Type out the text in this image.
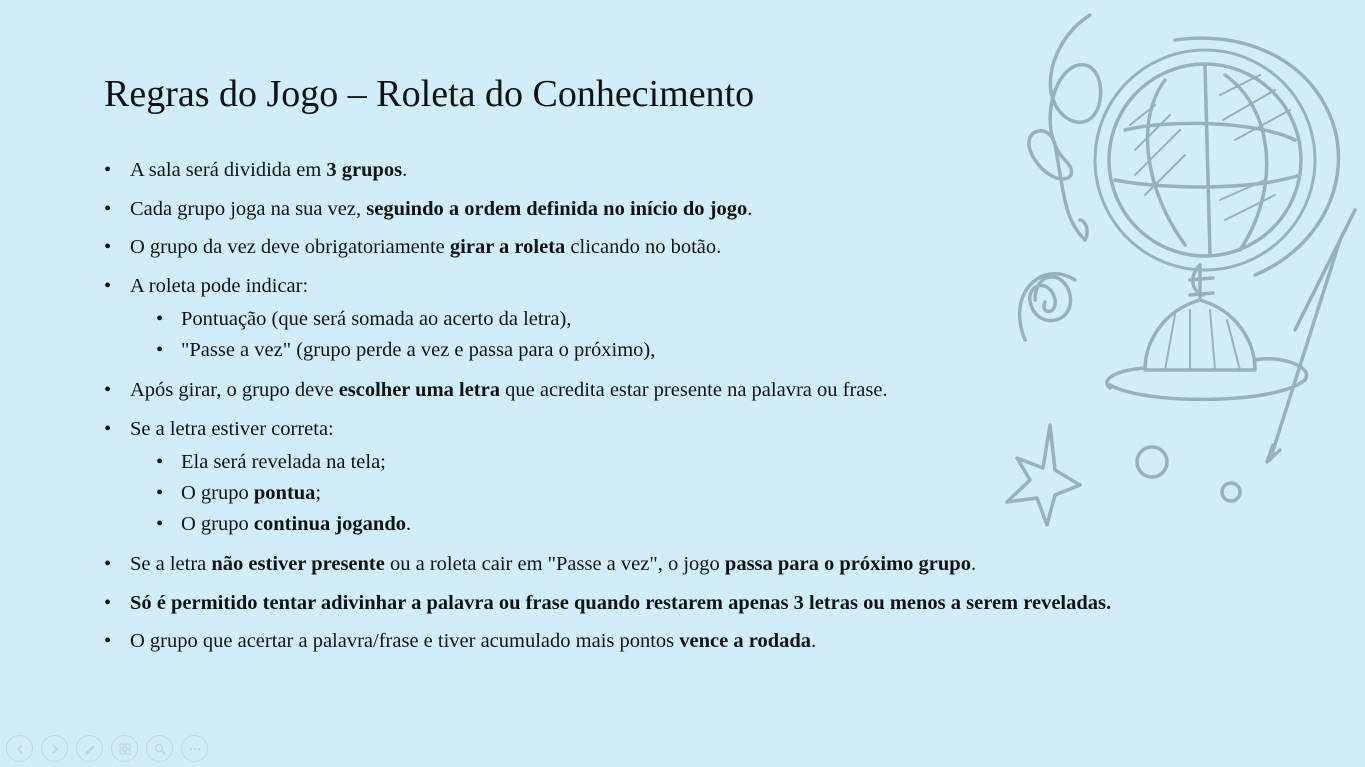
Regras do Jogo – Roleta do Conhecimento
• A sala será dividida em 3 grupos.
• Cada grupo joga na sua vez, seguindo a ordem definida no início do jogo.
• O grupo da vez deve obrigatoriamente girar a roleta clicando no botão.
• A roleta pode indicar:
• Pontuação (que será somada ao acerto da letra),
• "Passe a vez" (grupo perde a vez e passa para o próximo),
• Após girar, o grupo deve escolher uma letra que acredita estar presente na palavra ou frase.
• Se a letra estiver correta:
• Ela será revelada na tela;
• O grupo pontua;
• O grupo continua jogando.
• Se a letra não estiver presente ou a roleta cair em "Passe a vez", o jogo passa para o próximo grupo.
• Só é permitido tentar adivinhar a palavra ou frase quando restarem apenas 3 letras ou menos a serem reveladas.
• O grupo que acertar a palavra/frase e tiver acumulado mais pontos vence a rodada.
